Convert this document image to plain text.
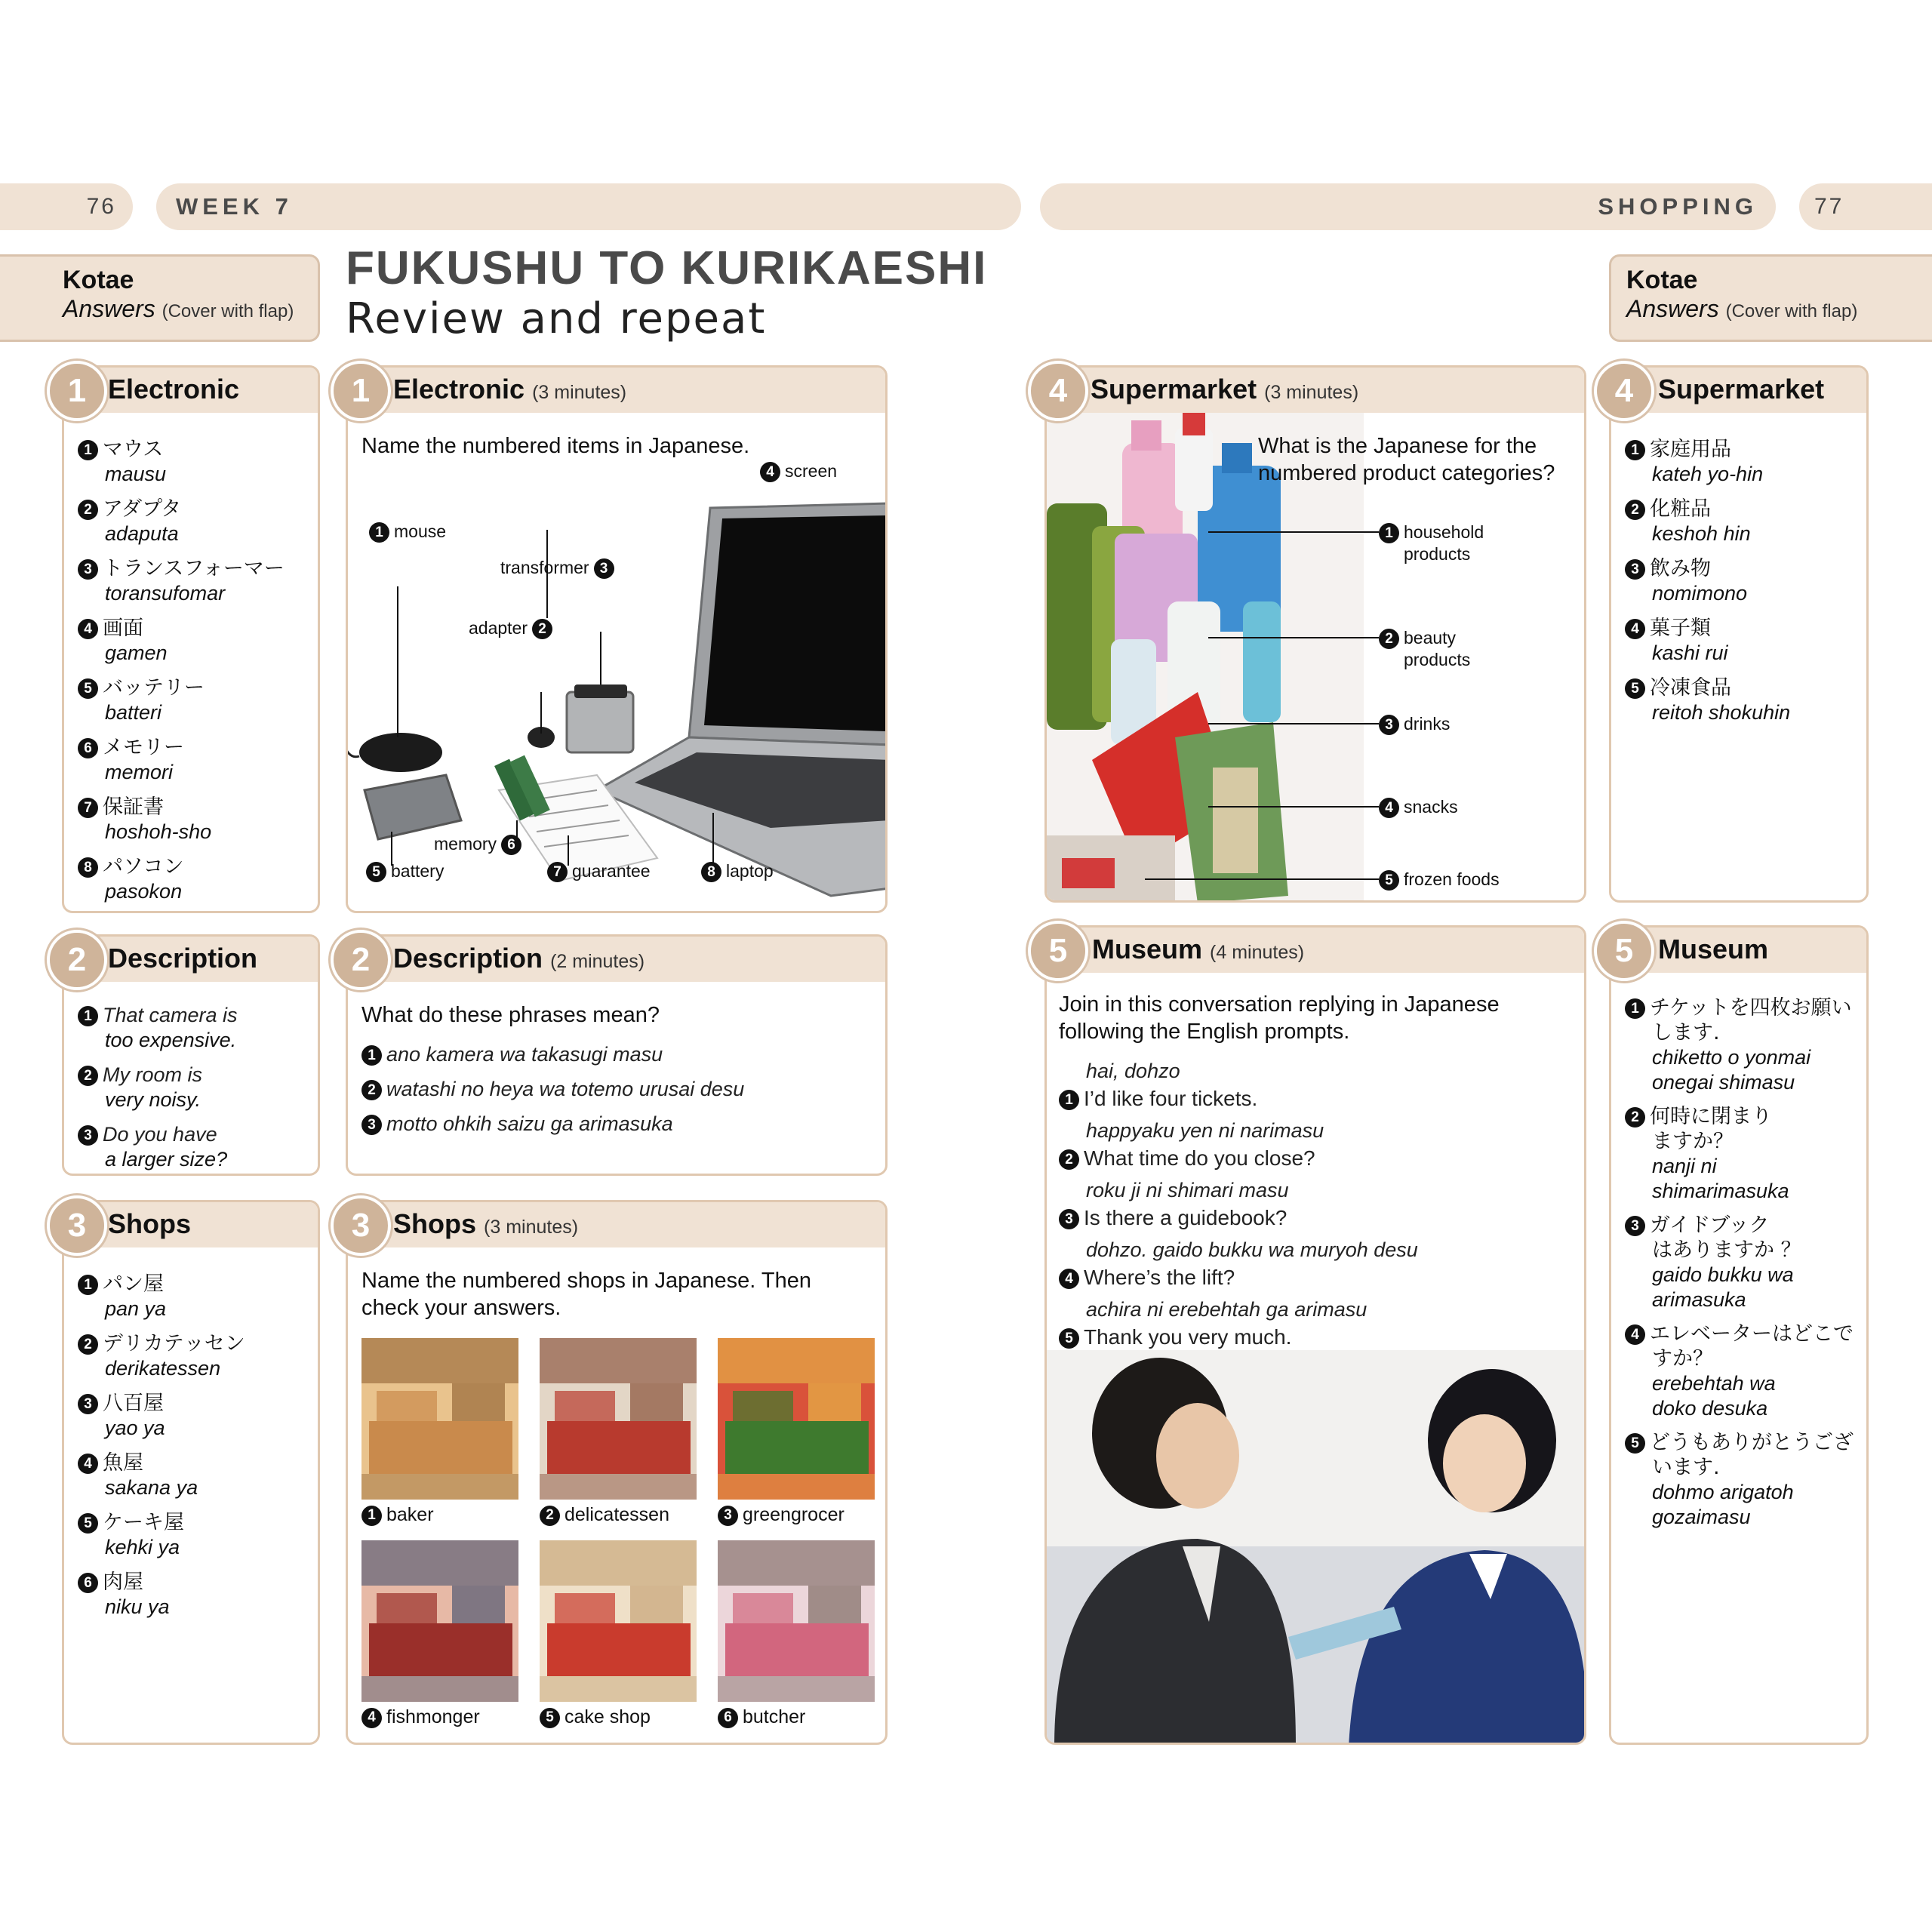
76	WEEK 7	SHOPPING	77
Kotae
Answers (Cover with flap)
Kotae
Answers (Cover with flap)
FUKUSHU TO KURIKAESHI
Review and repeat
Electronic
1 マウス
mausu
2 アダプタ
adaputa
3 トランスフォーマー
toransufomar
4 画面
gamen
5 バッテリー
batteri
6 メモリー
memori
7 保証書
hoshoh-sho
8 パソコン
pasokon
1	Electronic (3 minutes)
Name the numbered items in Japanese.
4 screen
1 mouse
transformer 3
adapter 2
memory 6
5 battery	7 guarantee	8 laptop
1
Description
1 That camera is
too expensive.
2 My room is
very noisy.
3 Do you have
a larger size?
2	Description (2 minutes)
What do these phrases mean?
1 ano kamera wa takasugi masu
2 watashi no heya wa totemo urusai desu
3 motto ohkih saizu ga arimasuka
2
Shops
1 パン屋
pan ya
2 デリカテッセン
derikatessen
3 八百屋
yao ya
4 魚屋
sakana ya
5 ケーキ屋
kehki ya
6 肉屋
niku ya
3	Shops (3 minutes)
Name the numbered shops in Japanese. Then
check your answers.
1 baker	2 delicatessen	3 greengrocer
4 fishmonger	5 cake shop	6 butcher
3
Supermarket (3 minutes)
What is the Japanese for the
numbered product categories?
1 household
products
2 beauty
products
3 drinks
4 snacks
5 frozen foods
4	Supermarket
1 家庭用品
kateh yo-hin
2 化粧品
keshoh hin
3 飲み物
nomimono
4 菓子類
kashi rui
5 冷凍食品
reitoh shokuhin
4
Museum (4 minutes)
Join in this conversation replying in Japanese
following the English prompts.
hai, dohzo
1 I’d like four tickets.
happyaku yen ni narimasu
2 What time do you close?
roku ji ni shimari masu
3 Is there a guidebook?
dohzo. gaido bukku wa muryoh desu
4 Where’s the lift?
achira ni erebehtah ga arimasu
5 Thank you very much.
5	Museum
1 チケットを四枚お願い
します.
chiketto o yonmai
onegai shimasu
2 何時に閉まり
ますか？
nanji ni
shimarimasuka
3 ガイドブック
はありますか ？
gaido bukku wa
arimasuka
4 エレベーターはどこで
すか？
erebehtah wa
doko desuka
5 どうもありがとうござ
います.
dohmo arigatoh
gozaimasu
5
